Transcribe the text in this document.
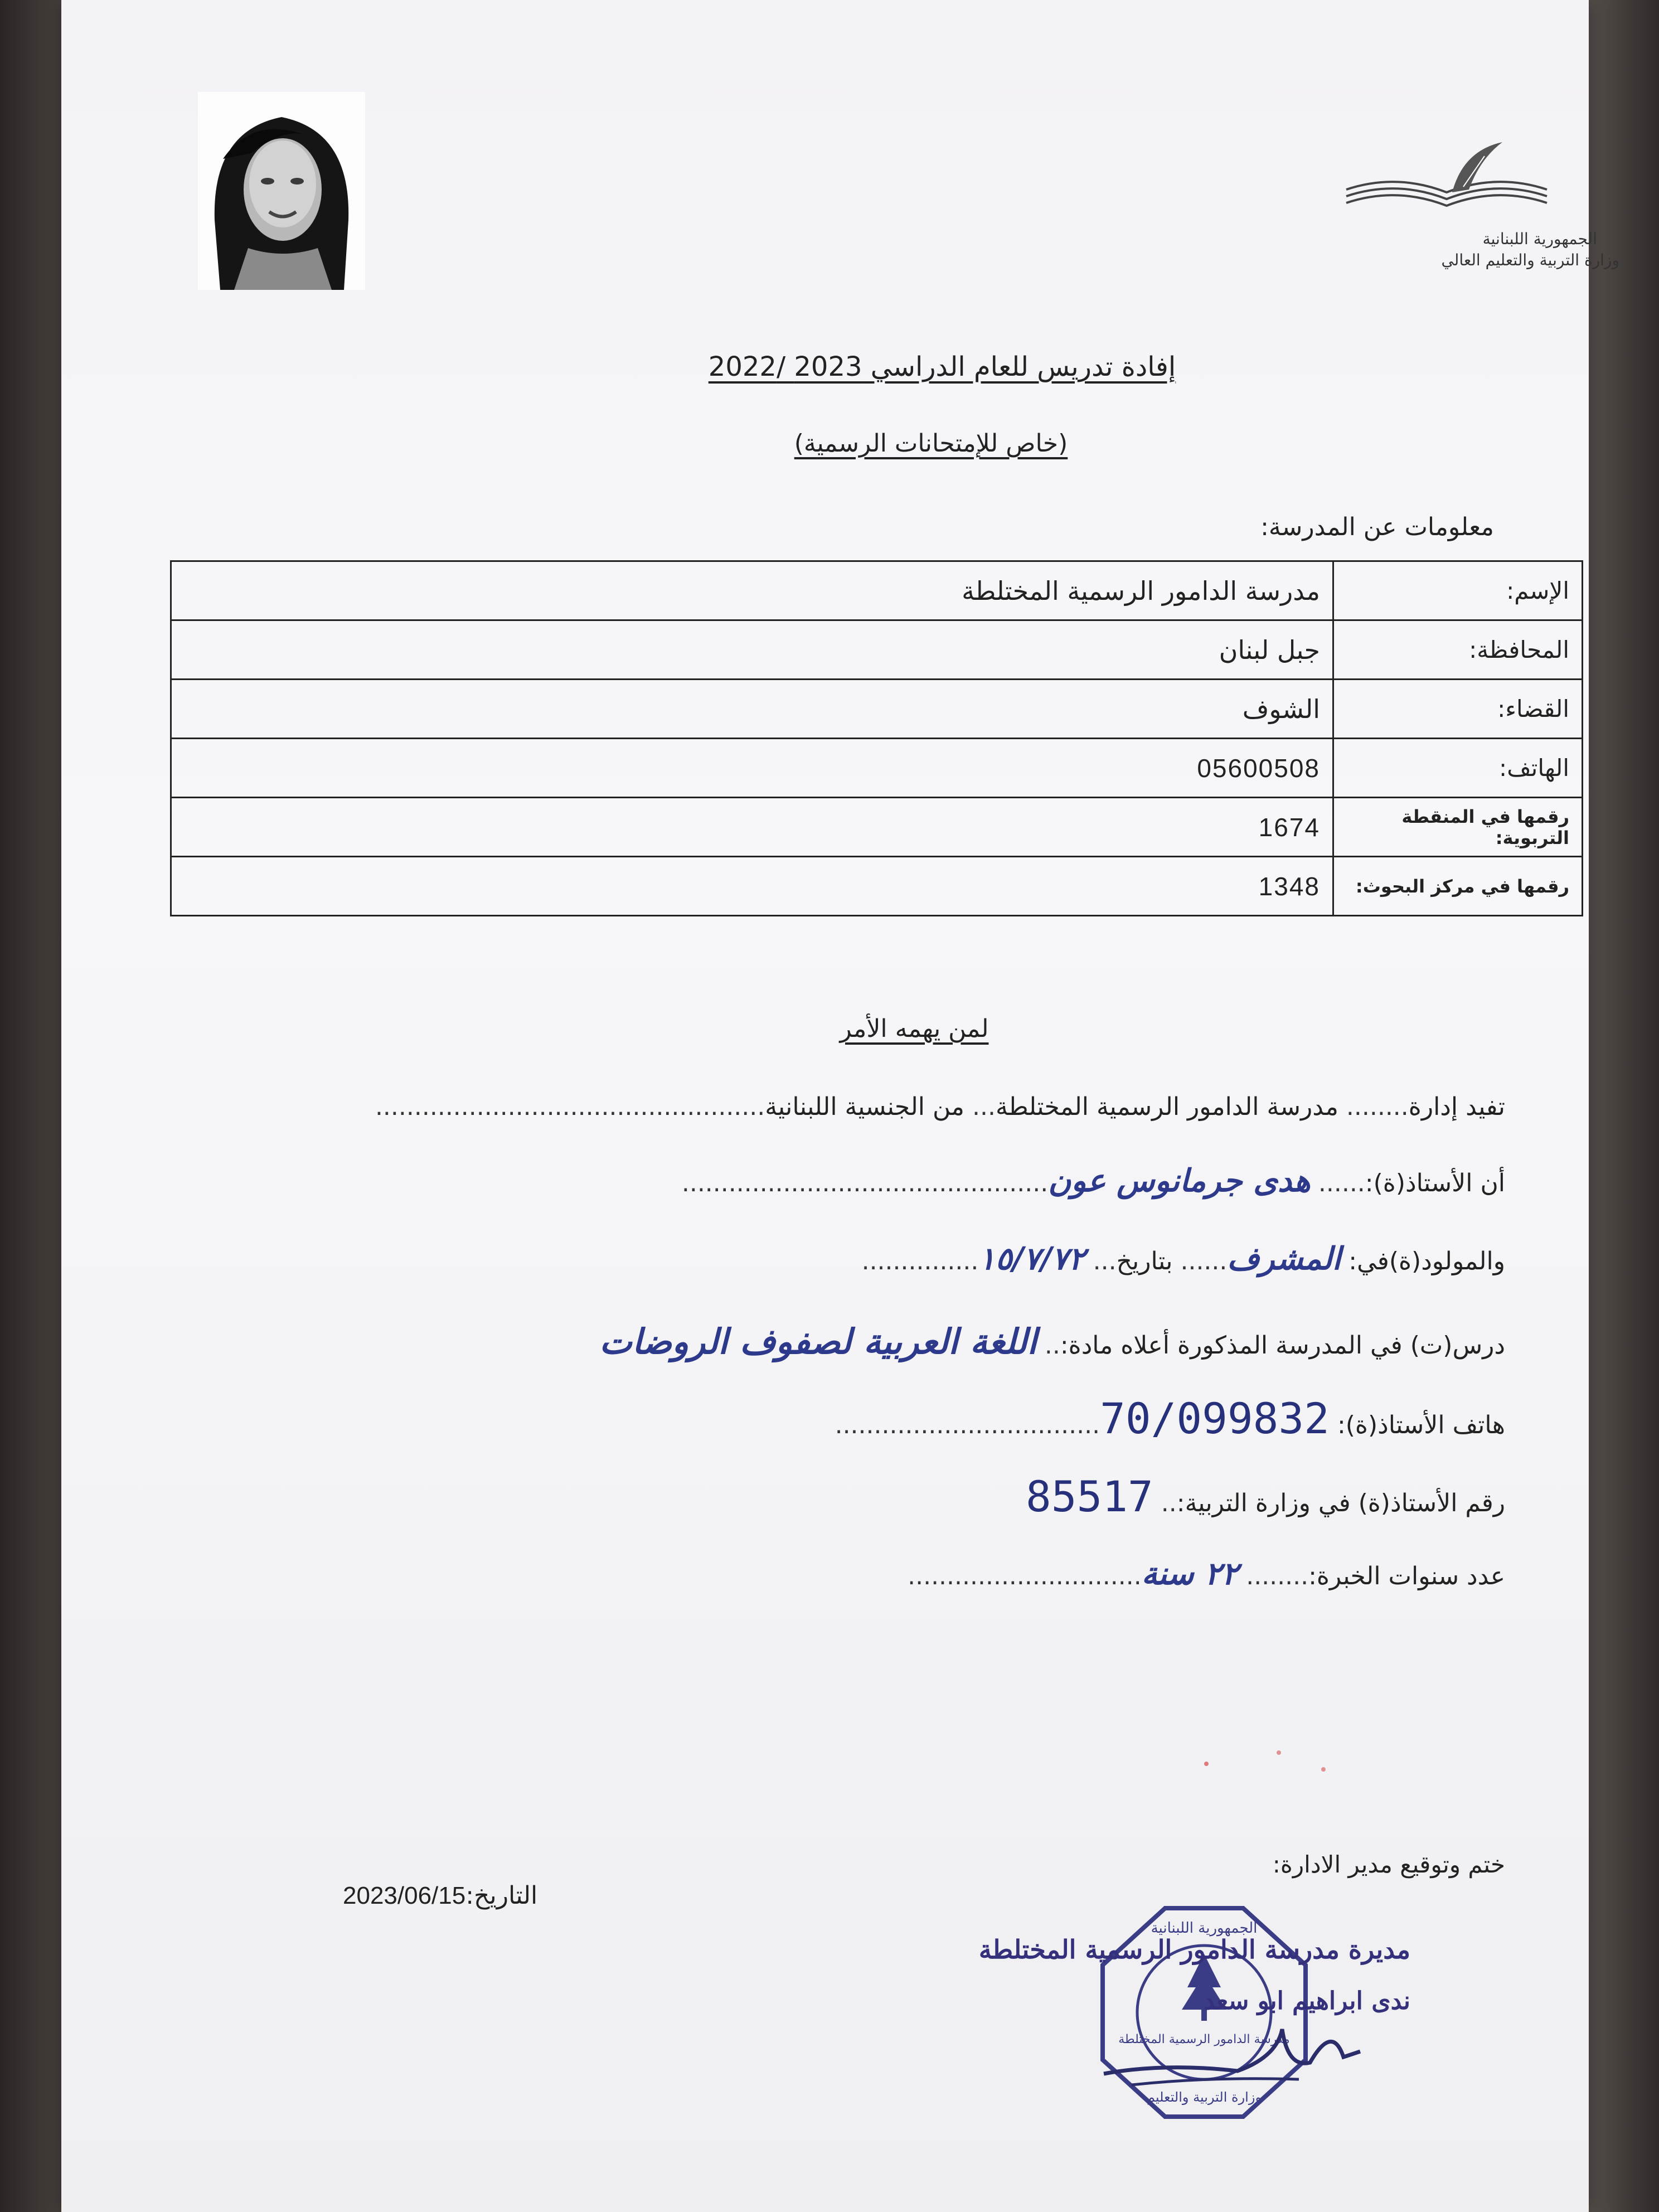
الجمهورية اللبنانية
وزارة التربية والتعليم العالي
إفادة تدريس للعام الدراسي 2023 /2022
(خاص للإمتحانات الرسمية)
معلومات عن المدرسة:
الإسم:	مدرسة الدامور الرسمية المختلطة
المحافظة:	جبل لبنان
القضاء:	الشوف
الهاتف:	05600508
رقمها في المنقطة التربوية:	1674
رقمها في مركز البحوث:	1348
لمن يهمه الأمر
تفيد إدارة........ مدرسة الدامور الرسمية المختلطة... من الجنسية اللبنانية..................................................
أن الأستاذ(ة):...... هدى جرمانوس عون...............................................
والمولود(ة)في: المشرف...... بتاريخ... ١٥/٧/٧٢...............
درس(ت) في المدرسة المذكورة أعلاه مادة:.. اللغة العربية لصفوف الروضات
هاتف الأستاذ(ة): 70/099832..................................
رقم الأستاذ(ة) في وزارة التربية:.. 85517
عدد سنوات الخبرة:........ ٢٢ سنة..............................
ختم وتوقيع مدير الادارة:
2023/06/15التاريخ:
الجمهورية اللبنانية
مدرسة الدامور الرسمية المختلطة
وزارة التربية والتعليم
مديرة مدرسة الدامور الرسمية المختلطة
ندى ابراهيم ابو سعد
